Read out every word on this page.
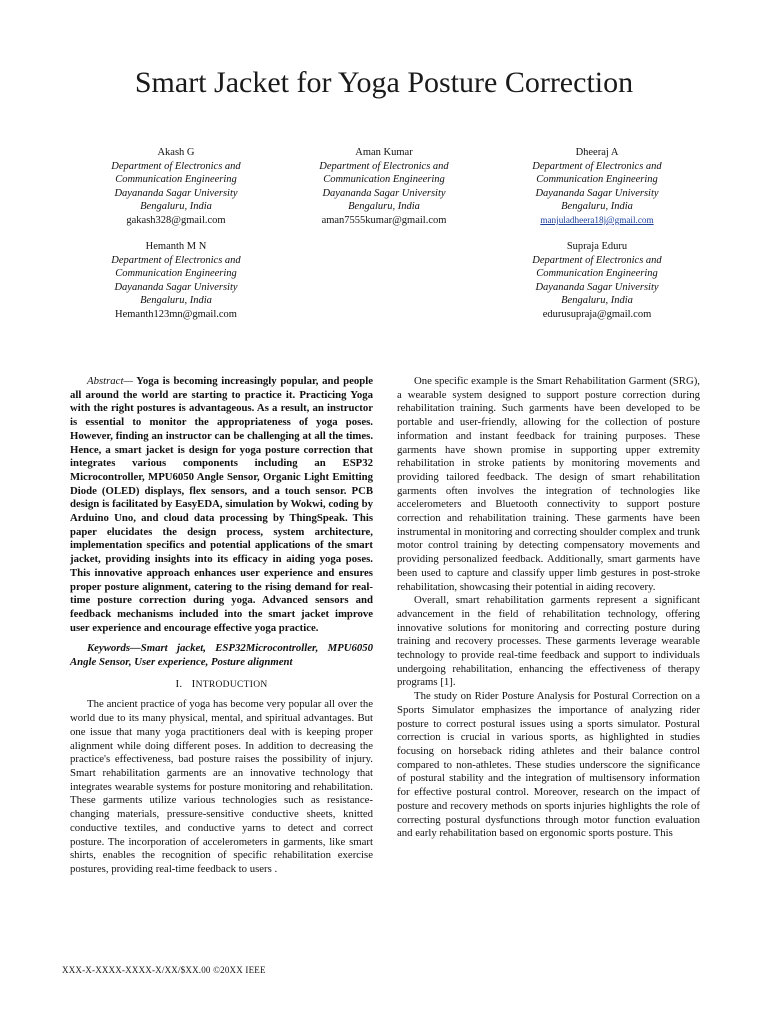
Smart Jacket for Yoga Posture Correction
Akash G
Department of Electronics and
Communication Engineering
Dayananda Sagar University
Bengaluru, India
gakash328@gmail.com
Aman Kumar
Department of Electronics and
Communication Engineering
Dayananda Sagar University
Bengaluru, India
aman7555kumar@gmail.com
Dheeraj A
Department of Electronics and
Communication Engineering
Dayananda Sagar University
Bengaluru, India
manjuladheera18j@gmail.com
Hemanth M N
Department of Electronics and
Communication Engineering
Dayananda Sagar University
Bengaluru, India
Hemanth123mn@gmail.com
Supraja Eduru
Department of Electronics and
Communication Engineering
Dayananda Sagar University
Bengaluru, India
edurusupraja@gmail.com

Abstract— Yoga is becoming increasingly popular, and people all around the world are starting to practice it. Practicing Yoga with the right postures is advantageous. As a result, an instructor is essential to monitor the appropriateness of yoga poses. However, finding an instructor can be challenging at all the times. Hence, a smart jacket is design for yoga posture correction that integrates various components including an ESP32 Microcontroller, MPU6050 Angle Sensor, Organic Light Emitting Diode (OLED) displays, flex sensors, and a touch sensor. PCB design is facilitated by EasyEDA, simulation by Wokwi, coding by Arduino Uno, and cloud data processing by ThingSpeak. This paper elucidates the design process, system architecture, implementation specifics and potential applications of the smart jacket, providing insights into its efficacy in aiding yoga poses. This innovative approach enhances user experience and ensures proper posture alignment, catering to the rising demand for real-time posture correction during yoga. Advanced sensors and feedback mechanisms included into the smart jacket improve user experience and encourage effective yoga practice.

Keywords—Smart jacket, ESP32Microcontroller, MPU6050 Angle Sensor, User experience, Posture alignment

I. INTRODUCTION

The ancient practice of yoga has become very popular all over the world due to its many physical, mental, and spiritual advantages. But one issue that many yoga practitioners deal with is keeping proper alignment while doing different poses. In addition to decreasing the practice's effectiveness, bad posture raises the possibility of injury. Smart rehabilitation garments are an innovative technology that integrates wearable systems for posture monitoring and rehabilitation. These garments utilize various technologies such as resistance-changing materials, pressure-sensitive conductive sheets, knitted conductive textiles, and conductive yarns to detect and correct posture. The incorporation of accelerometers in garments, like smart shirts, enables the recognition of specific rehabilitation exercise postures, providing real-time feedback to users .

One specific example is the Smart Rehabilitation Garment (SRG), a wearable system designed to support posture correction during rehabilitation training. Such garments have been developed to be portable and user-friendly, allowing for the collection of posture information and instant feedback for training purposes. These garments have shown promise in supporting upper extremity rehabilitation in stroke patients by monitoring movements and providing tailored feedback. The design of smart rehabilitation garments often involves the integration of technologies like accelerometers and Bluetooth connectivity to support posture correction and rehabilitation training. These garments have been instrumental in monitoring and correcting shoulder complex and trunk motor control training by detecting compensatory movements and providing personalized feedback. Additionally, smart garments have been used to capture and classify upper limb gestures in post-stroke rehabilitation, showcasing their potential in aiding recovery.

Overall, smart rehabilitation garments represent a significant advancement in the field of rehabilitation technology, offering innovative solutions for monitoring and correcting posture during training and recovery processes. These garments leverage wearable technology to provide real-time feedback and support to individuals undergoing rehabilitation, enhancing the effectiveness of therapy programs [1].

The study on Rider Posture Analysis for Postural Correction on a Sports Simulator emphasizes the importance of analyzing rider posture to correct postural issues using a sports simulator. Postural correction is crucial in various sports, as highlighted in studies focusing on horseback riding athletes and their balance control compared to non-athletes. These studies underscore the significance of postural stability and the integration of multisensory information for effective postural control. Moreover, research on the impact of posture and recovery methods on sports injuries highlights the role of correcting postural dysfunctions through motor function evaluation and early rehabilitation based on ergonomic sports posture. This

XXX-X-XXXX-XXXX-X/XX/$XX.00 ©20XX IEEE
